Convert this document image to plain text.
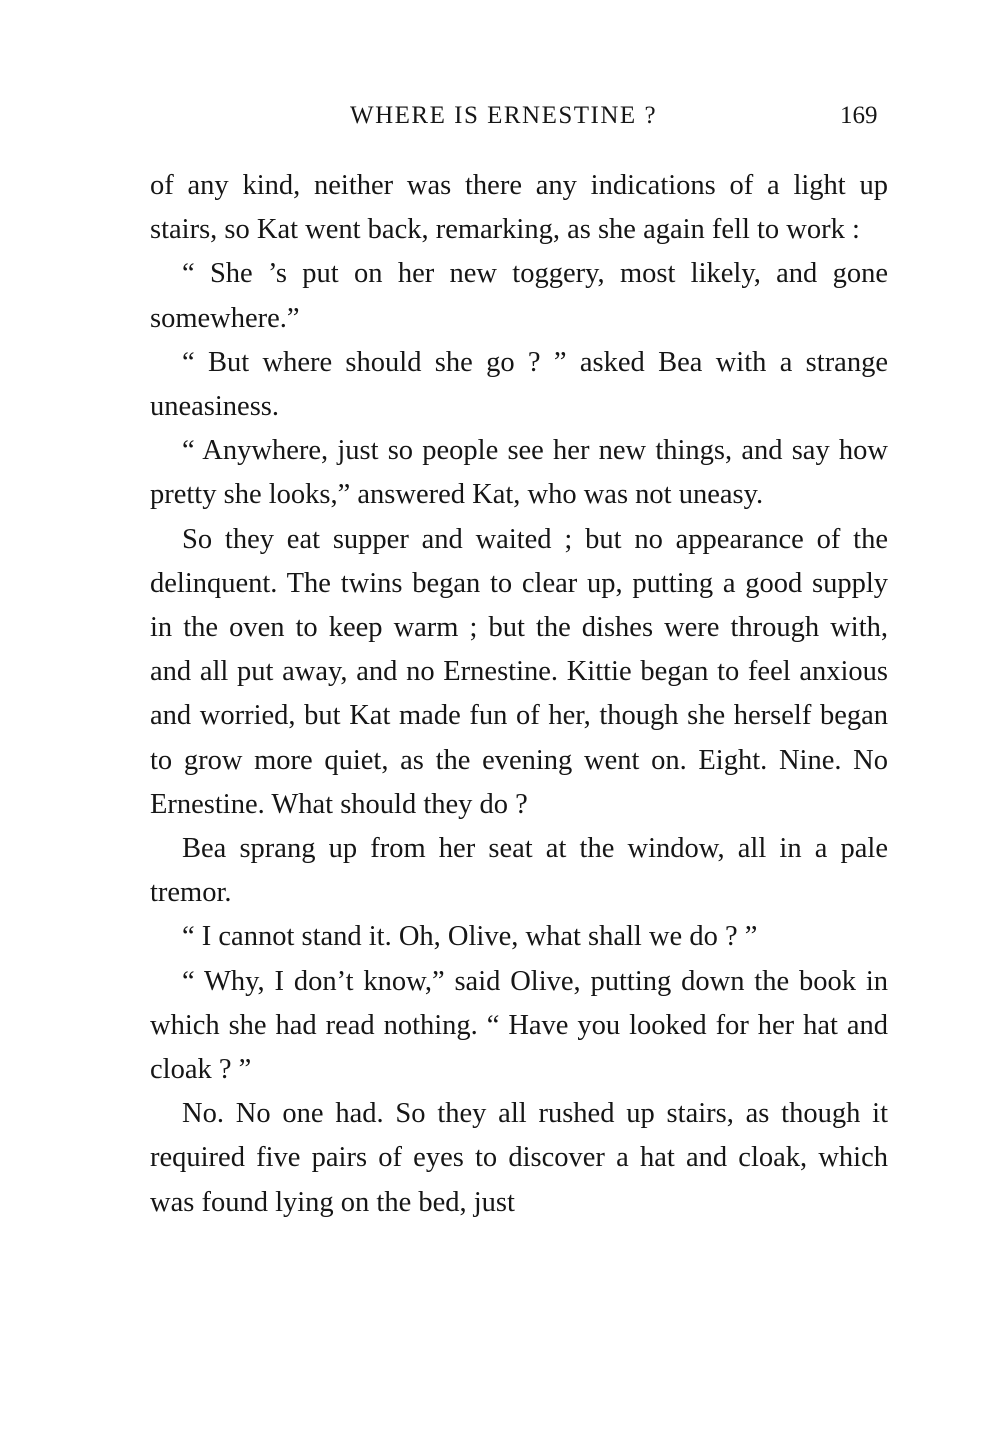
WHERE IS ERNESTINE ?	169

of any kind, neither was there any indications of a light up stairs, so Kat went back, remarking, as she again fell to work :

“ She ’s put on her new toggery, most likely, and gone somewhere.”

“ But where should she go ? ” asked Bea with a strange uneasiness.

“ Anywhere, just so people see her new things, and say how pretty she looks,” answered Kat, who was not uneasy.

So they eat supper and waited ; but no appearance of the delinquent. The twins began to clear up, putting a good supply in the oven to keep warm ; but the dishes were through with, and all put away, and no Ernestine. Kittie began to feel anxious and worried, but Kat made fun of her, though she herself began to grow more quiet, as the evening went on. Eight. Nine. No Ernestine. What should they do ?

Bea sprang up from her seat at the window, all in a pale tremor.

“ I cannot stand it. Oh, Olive, what shall we do ? ”

“ Why, I don’t know,” said Olive, putting down the book in which she had read nothing. “ Have you looked for her hat and cloak ? ”

No. No one had. So they all rushed up stairs, as though it required five pairs of eyes to discover a hat and cloak, which was found lying on the bed, just
